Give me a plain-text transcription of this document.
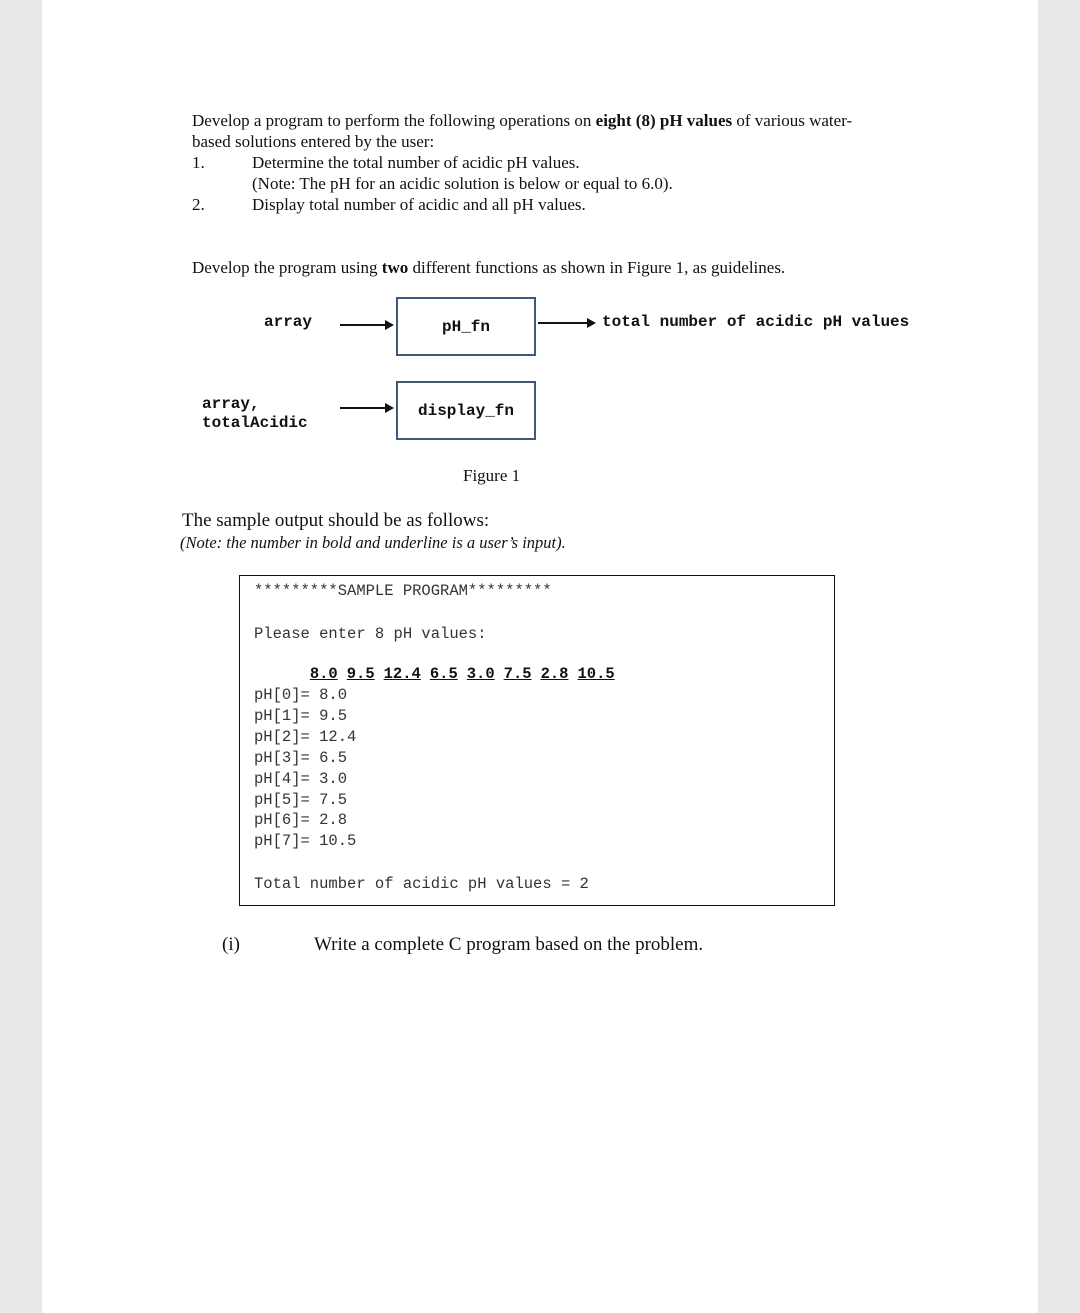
Develop a program to perform the following operations on eight (8) pH values of various water-
based solutions entered by the user:
1.	Determine the total number of acidic pH values.
(Note: The pH for an acidic solution is below or equal to 6.0).
2.	Display total number of acidic and all pH values.
Develop the program using two different functions as shown in Figure 1, as guidelines.
array	pH_fn	total number of acidic pH values
array,
totalAcidic
display_fn
Figure 1
The sample output should be as follows:
(Note: the number in bold and underline is a user’s input).
*********SAMPLE PROGRAM*********
Please enter 8 pH values:

8.0 9.5 12.4 6.5 3.0 7.5 2.8 10.5

pH[0]= 8.0
pH[1]= 9.5
pH[2]= 12.4
pH[3]= 6.5
pH[4]= 3.0
pH[5]= 7.5
pH[6]= 2.8
pH[7]= 10.5
Total number of acidic pH values = 2
(i)	Write a complete C program based on the problem.
